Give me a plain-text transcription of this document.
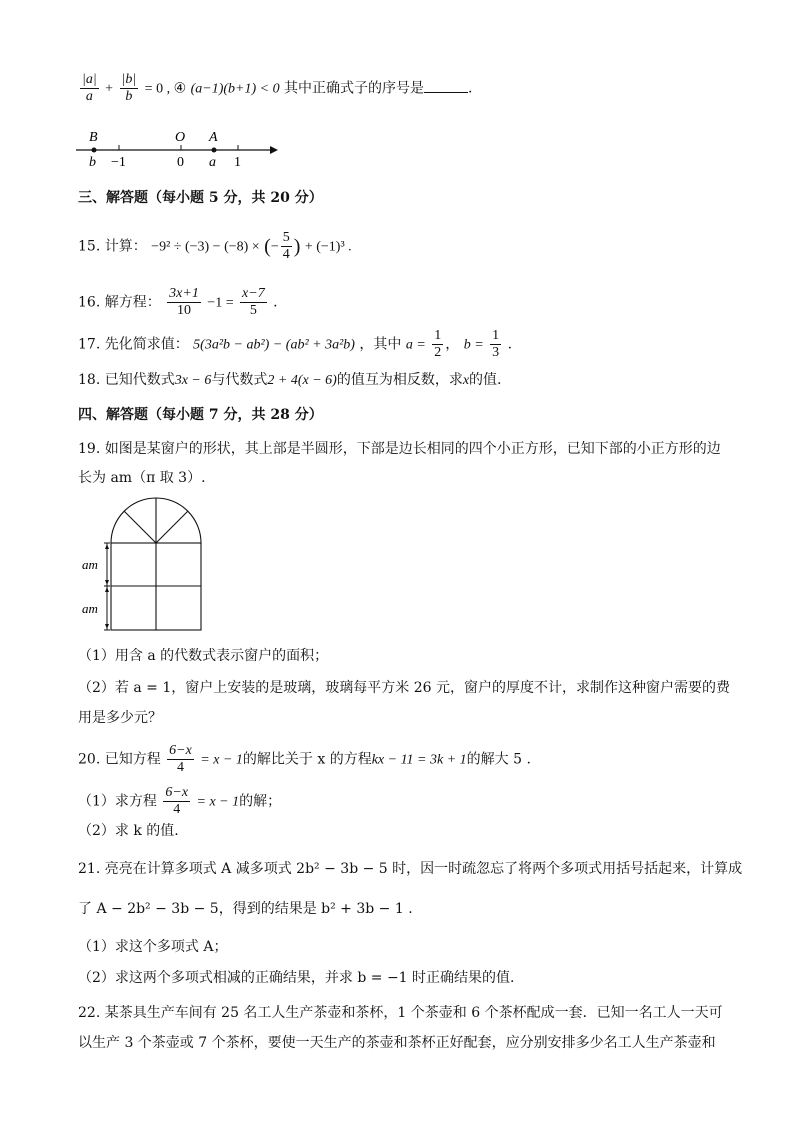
$\frac{|a|}{a} + \frac{|b|}{b} = 0$ , ④ (a−1)(b+1) < 0 其中正确式子的序号是	.
B	O A
b −1	0 a 1
三、解答题（每小题 5 分，共 20 分）
15. 计算： −9² ÷ (−3) − (−8) × (− $\frac{5}{4}$ ) + (−1)³ .
16. 解方程： $\frac{3x+1}{10} -1 = \frac{x-7}{5}$ .
17. 先化简求值： 5(3a²b − ab²) − (ab² + 3a²b) ，其中 $a = \frac{1}{2}$ ， $b = \frac{1}{3}$ .
18. 已知代数式3x − 6与代数式2 + 4(x − 6)的值互为相反数，求x的值.
四、解答题（每小题 7 分，共 28 分）
19. 如图是某窗户的形状，其上部是半圆形，下部是边长相同的四个小正方形，已知下部的小正方形的边
长为 am（π 取 3）.
am
am
（1）用含 a 的代数式表示窗户的面积；
（2）若 a = 1，窗户上安装的是玻璃，玻璃每平方米 26 元，窗户的厚度不计，求制作这种窗户需要的费
用是多少元？
20. 已知方程 $\frac{6-x}{4} = x - 1$的解比关于 x 的方程kx − 11 = 3k + 1的解大 5 .
（1）求方程 $\frac{6-x}{4} = x - 1$的解；
（2）求 k 的值.
21. 亮亮在计算多项式 A 减多项式 2b² − 3b − 5 时，因一时疏忽忘了将两个多项式用括号括起来，计算成
了 A − 2b² − 3b − 5，得到的结果是 b² + 3b − 1 .
（1）求这个多项式 A；
（2）求这两个多项式相减的正确结果，并求 b = −1 时正确结果的值.
22. 某茶具生产车间有 25 名工人生产茶壶和茶杯，1 个茶壶和 6 个茶杯配成一套．已知一名工人一天可
以生产 3 个茶壶或 7 个茶杯，要使一天生产的茶壶和茶杯正好配套，应分别安排多少名工人生产茶壶和
